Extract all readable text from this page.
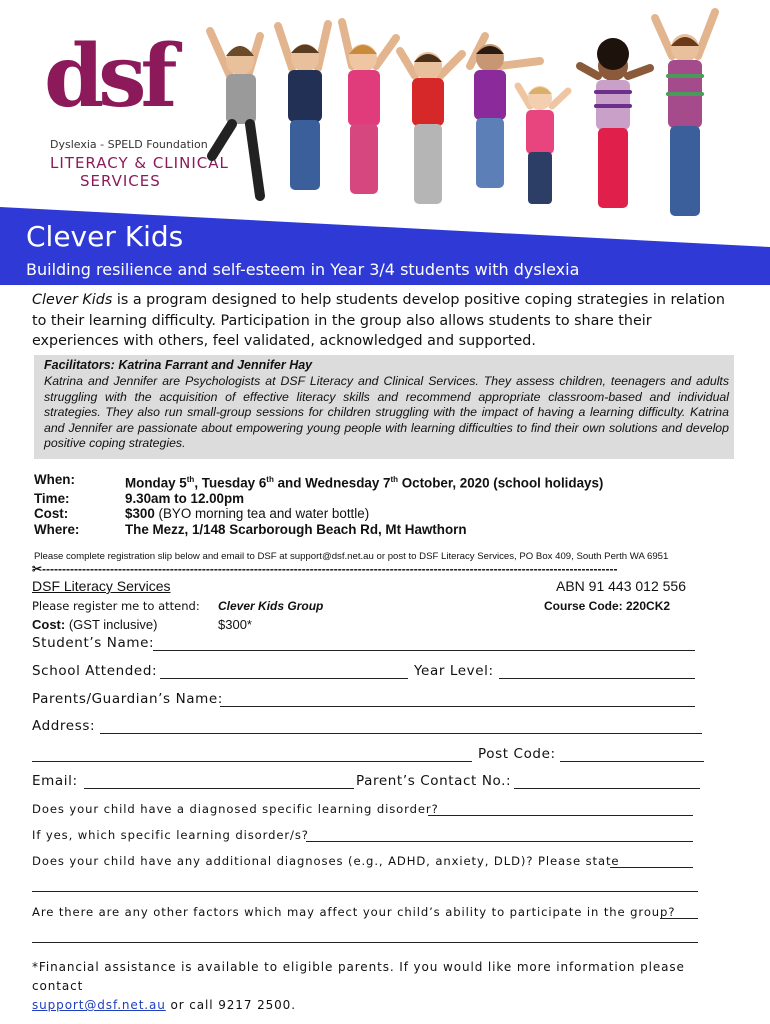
dsf
Dyslexia - SPELD Foundation
LITERACY & CLINICAL
SERVICES
Clever Kids
Building resilience and self-esteem in Year 3/4 students with dyslexia
Clever Kids is a program designed to help students develop positive coping strategies in relation to their learning difficulty. Participation in the group also allows students to share their experiences with others, feel validated, acknowledged and supported.
Facilitators: Katrina Farrant and Jennifer Hay
Katrina and Jennifer are Psychologists at DSF Literacy and Clinical Services. They assess children, teenagers and adults struggling with the acquisition of effective literacy skills and recommend appropriate classroom-based and individual strategies. They also run small-group sessions for children struggling with the impact of having a learning difficulty. Katrina and Jennifer are passionate about empowering young people with learning difficulties to find their own solutions and develop positive coping strategies.
When:	Monday 5th, Tuesday 6th and Wednesday 7th October, 2020 (school holidays)
Time:	9.30am to 12.00pm
Cost:	$300 (BYO morning tea and water bottle)
Where:	The Mezz, 1/148 Scarborough Beach Rd, Mt Hawthorn
Please complete registration slip below and email to DSF at support@dsf.net.au or post to DSF Literacy Services, PO Box 409, South Perth WA 6951
✂------------------------------------------------------------------------------------------------------------------------------------------------
DSF Literacy Services	ABN 91 443 012 556
Please register me to attend: Clever Kids Group	Course Code: 220CK2
Cost: (GST inclusive)	$300*
Student’s Name:
School Attended:	Year Level:
Parents/Guardian’s Name:
Address:
Post Code:
Email:	Parent’s Contact No.:
Does your child have a diagnosed specific learning disorder?
If yes, which specific learning disorder/s?
Does your child have any additional diagnoses (e.g., ADHD, anxiety, DLD)? Please state
Are there are any other factors which may affect your child’s ability to participate in the group?
*Financial assistance is available to eligible parents. If you would like more information please contact
support@dsf.net.au or call 9217 2500.
